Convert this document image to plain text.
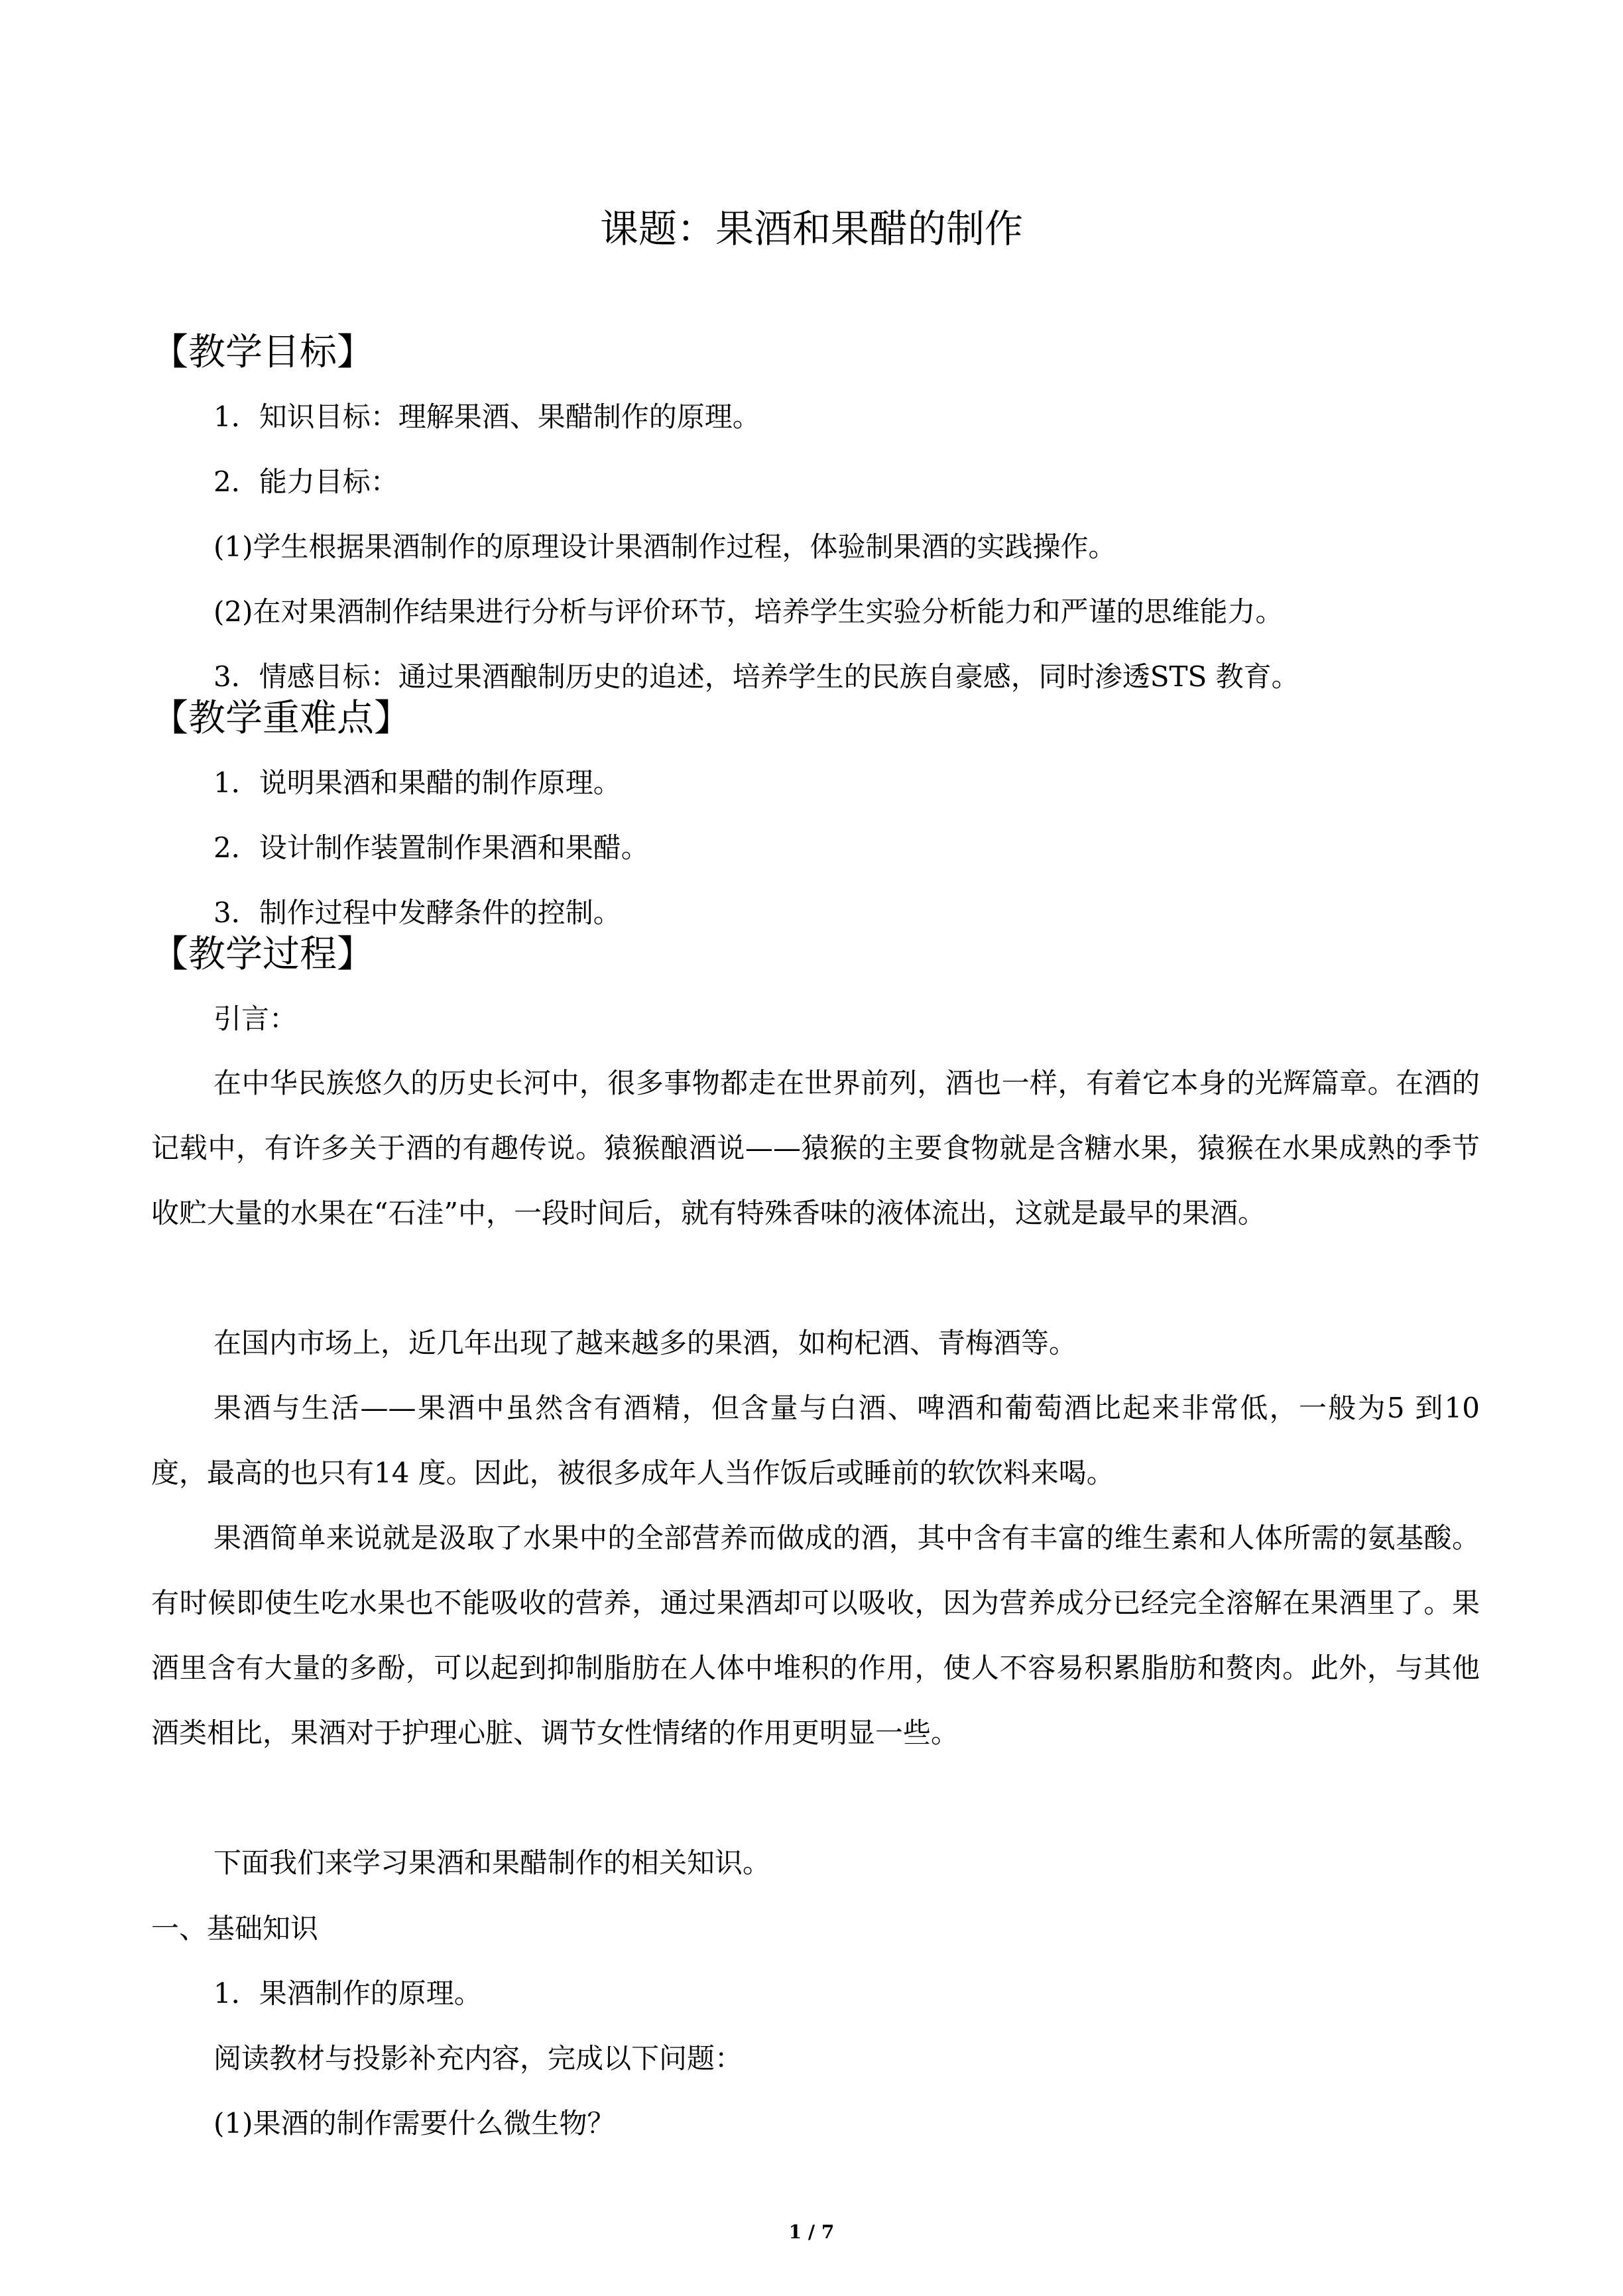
课题：果酒和果醋的制作
【教学目标】
1．知识目标：理解果酒、果醋制作的原理。
2．能力目标：
(1)学生根据果酒制作的原理设计果酒制作过程，体验制果酒的实践操作。
(2)在对果酒制作结果进行分析与评价环节，培养学生实验分析能力和严谨的思维能力。
3．情感目标：通过果酒酿制历史的追述，培养学生的民族自豪感，同时渗透STS 教育。
【教学重难点】
1．说明果酒和果醋的制作原理。
2．设计制作装置制作果酒和果醋。
3．制作过程中发酵条件的控制。
【教学过程】
引言：
在中华民族悠久的历史长河中，很多事物都走在世界前列，酒也一样，有着它本身的光辉篇章。在酒的记载中，有许多关于酒的有趣传说。猿猴酿酒说——猿猴的主要食物就是含糖水果，猿猴在水果成熟的季节收贮大量的水果在“石洼”中，一段时间后，就有特殊香味的液体流出，这就是最早的果酒。
在国内市场上，近几年出现了越来越多的果酒，如枸杞酒、青梅酒等。
果酒与生活——果酒中虽然含有酒精，但含量与白酒、啤酒和葡萄酒比起来非常低，一般为5 到10 度，最高的也只有14 度。因此，被很多成年人当作饭后或睡前的软饮料来喝。
果酒简单来说就是汲取了水果中的全部营养而做成的酒，其中含有丰富的维生素和人体所需的氨基酸。有时候即使生吃水果也不能吸收的营养，通过果酒却可以吸收，因为营养成分已经完全溶解在果酒里了。果酒里含有大量的多酚，可以起到抑制脂肪在人体中堆积的作用，使人不容易积累脂肪和赘肉。此外，与其他酒类相比，果酒对于护理心脏、调节女性情绪的作用更明显一些。
下面我们来学习果酒和果醋制作的相关知识。
一、基础知识
1．果酒制作的原理。
阅读教材与投影补充内容，完成以下问题：
(1)果酒的制作需要什么微生物？
1 / 7
